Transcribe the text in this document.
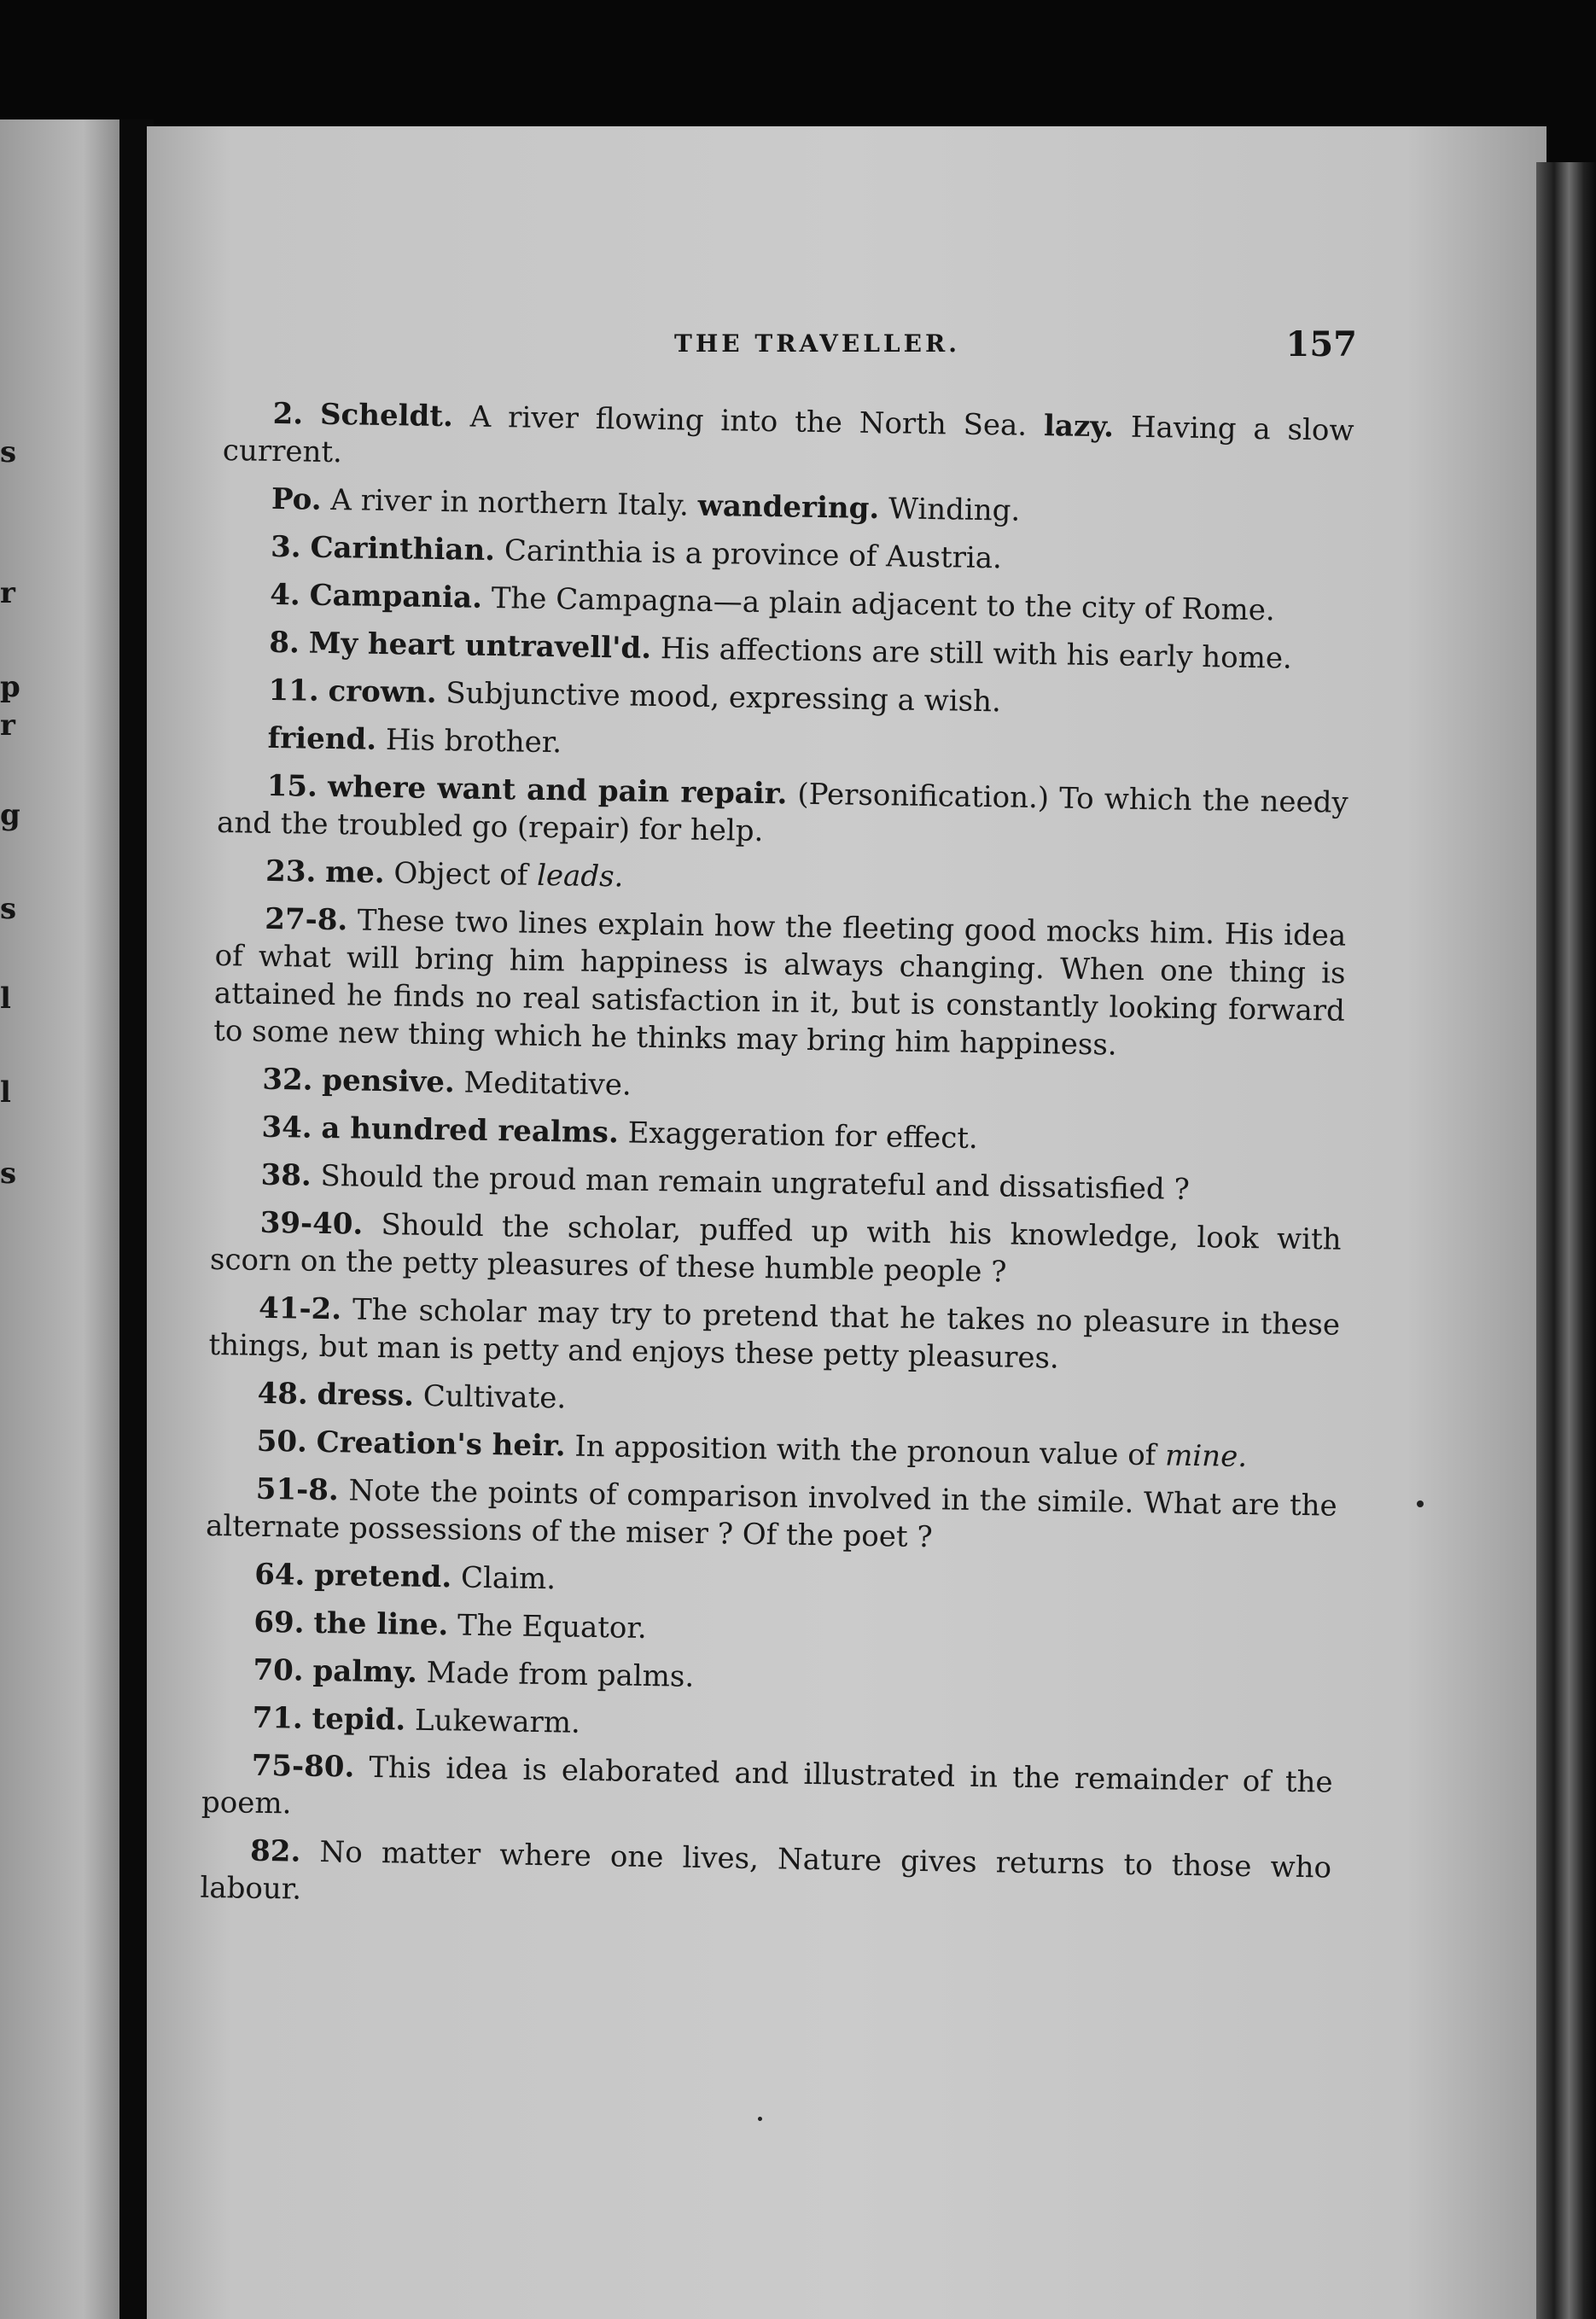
s
r
p
r
g
s
l
l
s
THE TRAVELLER.	157

2. Scheldt. A river flowing into the North Sea. lazy. Having a slow current.

Po. A river in northern Italy. wandering. Winding.

3. Carinthian. Carinthia is a province of Austria.

4. Campania. The Campagna—a plain adjacent to the city of Rome.

8. My heart untravell'd. His affections are still with his early home.

11. crown. Subjunctive mood, expressing a wish.

friend. His brother.

15. where want and pain repair. (Personification.) To which the needy and the troubled go (repair) for help.

23. me. Object of leads.

27-8. These two lines explain how the fleeting good mocks him. His idea of what will bring him happiness is always changing. When one thing is attained he finds no real satisfaction in it, but is constantly looking forward to some new thing which he thinks may bring him happiness.

32. pensive. Meditative.

34. a hundred realms. Exaggeration for effect.

38. Should the proud man remain ungrateful and dissatisfied ?

39-40. Should the scholar, puffed up with his knowledge, look with scorn on the petty pleasures of these humble people ?

41-2. The scholar may try to pretend that he takes no pleasure in these things, but man is petty and enjoys these petty pleasures.

48. dress. Cultivate.

50. Creation's heir. In apposition with the pronoun value of mine.

51-8. Note the points of comparison involved in the simile. What are the alternate possessions of the miser ? Of the poet ?

64. pretend. Claim.

69. the line. The Equator.

70. palmy. Made from palms.

71. tepid. Lukewarm.

75-80. This idea is elaborated and illustrated in the remainder of the poem.

82. No matter where one lives, Nature gives returns to those who labour.
